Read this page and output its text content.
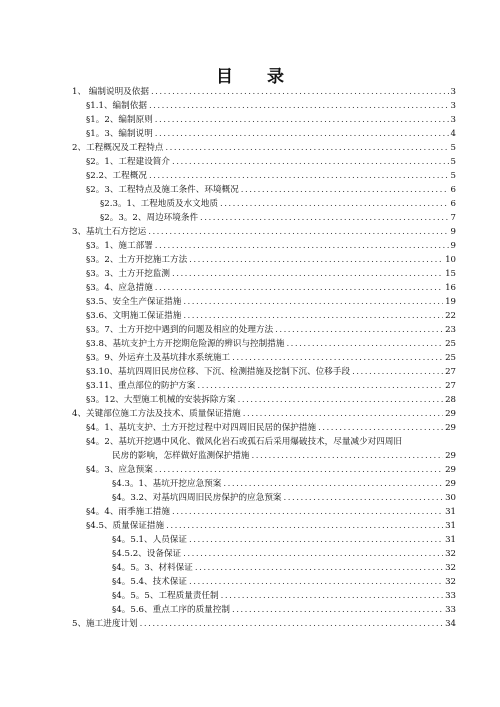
目 录
1、 编制说明及依据 .....	3
§1.1、编制依据 .....	3
§1。2、编制原则 .....	3
§1。3、编制说明 .....	4
2、工程概况及工程特点 .....	5
§2。1、工程建设简介 .....	5
§2.2、工程概况 .....	5
§2。3、工程特点及施工条件、环境概况 .....	6
§2.3。1、工程地质及水文地质 .....	6
§2。3。2、周边环境条件 .....	7
3、基坑土石方挖运 .....	9
§3。1、施工部署 .....	9
§3。2、土方开挖施工方法 .....	10
§3。3、土方开挖监测 .....	15
§3。4、应急措施 .....	16
§3.5、安全生产保证措施 .....	19
§3.6、文明施工保证措施 .....	22
§3。7、土方开挖中遇到的问题及相应的处理方法 .....	23
§3.8、基坑支护土方开挖期危险源的辨识与控制措施 .....	25
§3。9、外运弃土及基坑排水系统施工 .....	25
§3.10、基坑四周旧民房位移、下沉、检测措施及挖制下沉、位移手段 .....	27
§3.11、重点部位的防护方案 .....	27
§3。12、大型施工机械的安装拆除方案 .....	28
4、关键部位施工方法及技术、质量保证措施 .....	29
§4。1、基坑支护、土方开挖过程中对四周旧民居的保护措施 .....	29
§4。2、基坑开挖遇中风化、微风化岩石或孤石后采用爆破技术，尽量减少对四周旧
民房的影响，怎样做好监测保护措施 .....	29
§4。3、应急预案 .....	29
§4.3。1、基坑开挖应急预案 .....	29
§4。3.2、对基坑四周旧民房保护的应急预案 .....	30
§4。4、雨季施工措施 .....	31
§4.5、质量保证措施 .....	31
§4。5.1、人员保证 .....	31
§4.5.2、设备保证 .....	32
§4。5。3、材料保证 .....	32
§4。5.4、技术保证 .....	32
§4。5。5、工程质量责任制 .....	33
§4。5.6、重点工序的质量控制 .....	33
5、施工进度计划 .....	34
